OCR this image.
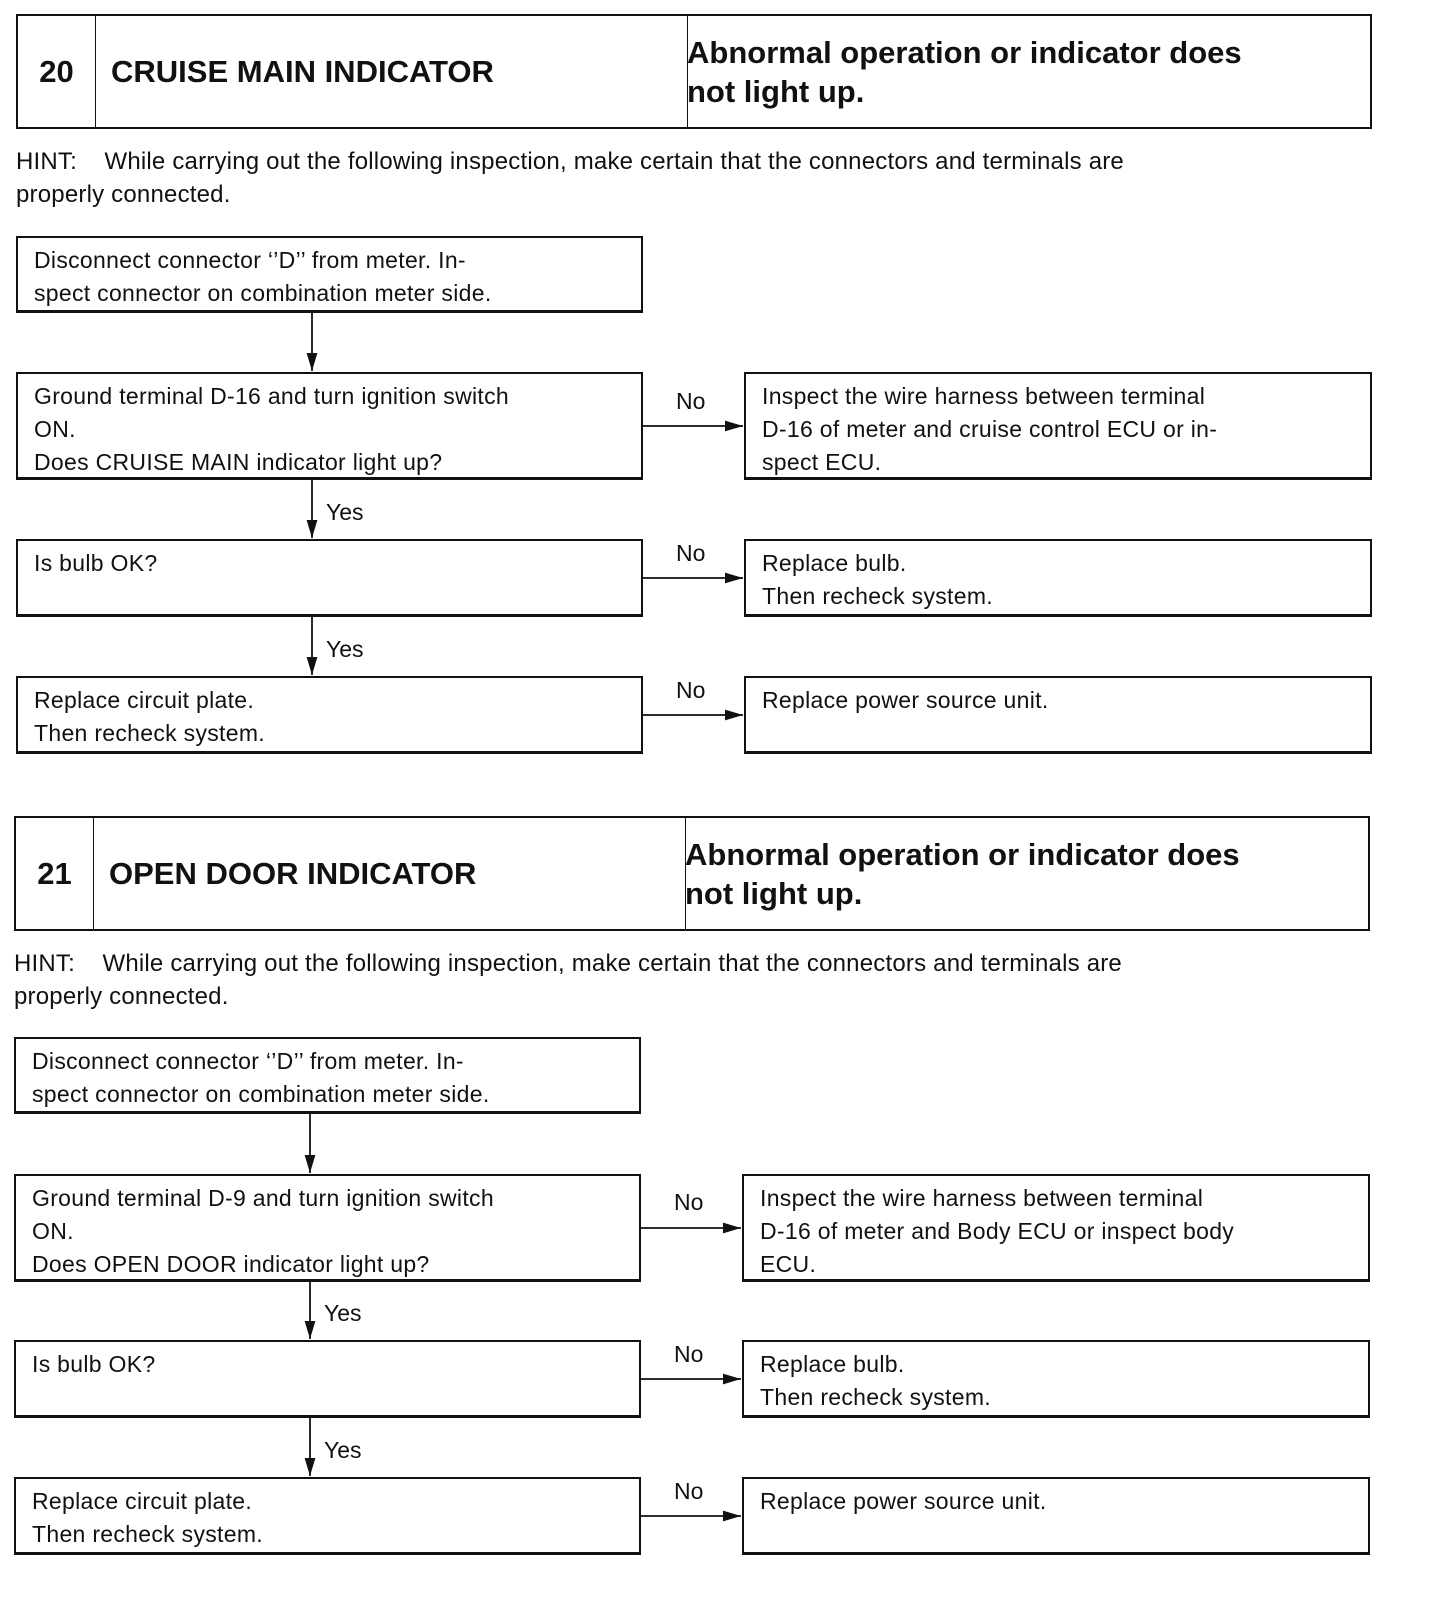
20	CRUISE MAIN INDICATOR
Abnormal operation or indicator does
not light up.
HINT:    While carrying out the following inspection, make certain that the connectors and terminals are
properly connected.
Disconnect connector ‘’D’’ from meter. In-
spect connector on combination meter side.
Ground terminal D-16 and turn ignition switch
ON.
Does CRUISE MAIN indicator light up?
Is bulb OK?
Replace circuit plate.
Then recheck system.
Inspect the wire harness between terminal
D-16 of meter and cruise control ECU or in-
spect ECU.
Replace bulb.
Then recheck system.
Replace power source unit.
No
No
No
Yes
Yes
21	OPEN DOOR INDICATOR
Abnormal operation or indicator does
not light up.
HINT:    While carrying out the following inspection, make certain that the connectors and terminals are
properly connected.
Disconnect connector ‘’D’’ from meter. In-
spect connector on combination meter side.
Ground terminal D-9 and turn ignition switch
ON.
Does OPEN DOOR indicator light up?
Is bulb OK?
Replace circuit plate.
Then recheck system.
Inspect the wire harness between terminal
D-16 of meter and Body ECU or inspect body
ECU.
Replace bulb.
Then recheck system.
Replace power source unit.
No
No
No
Yes
Yes
